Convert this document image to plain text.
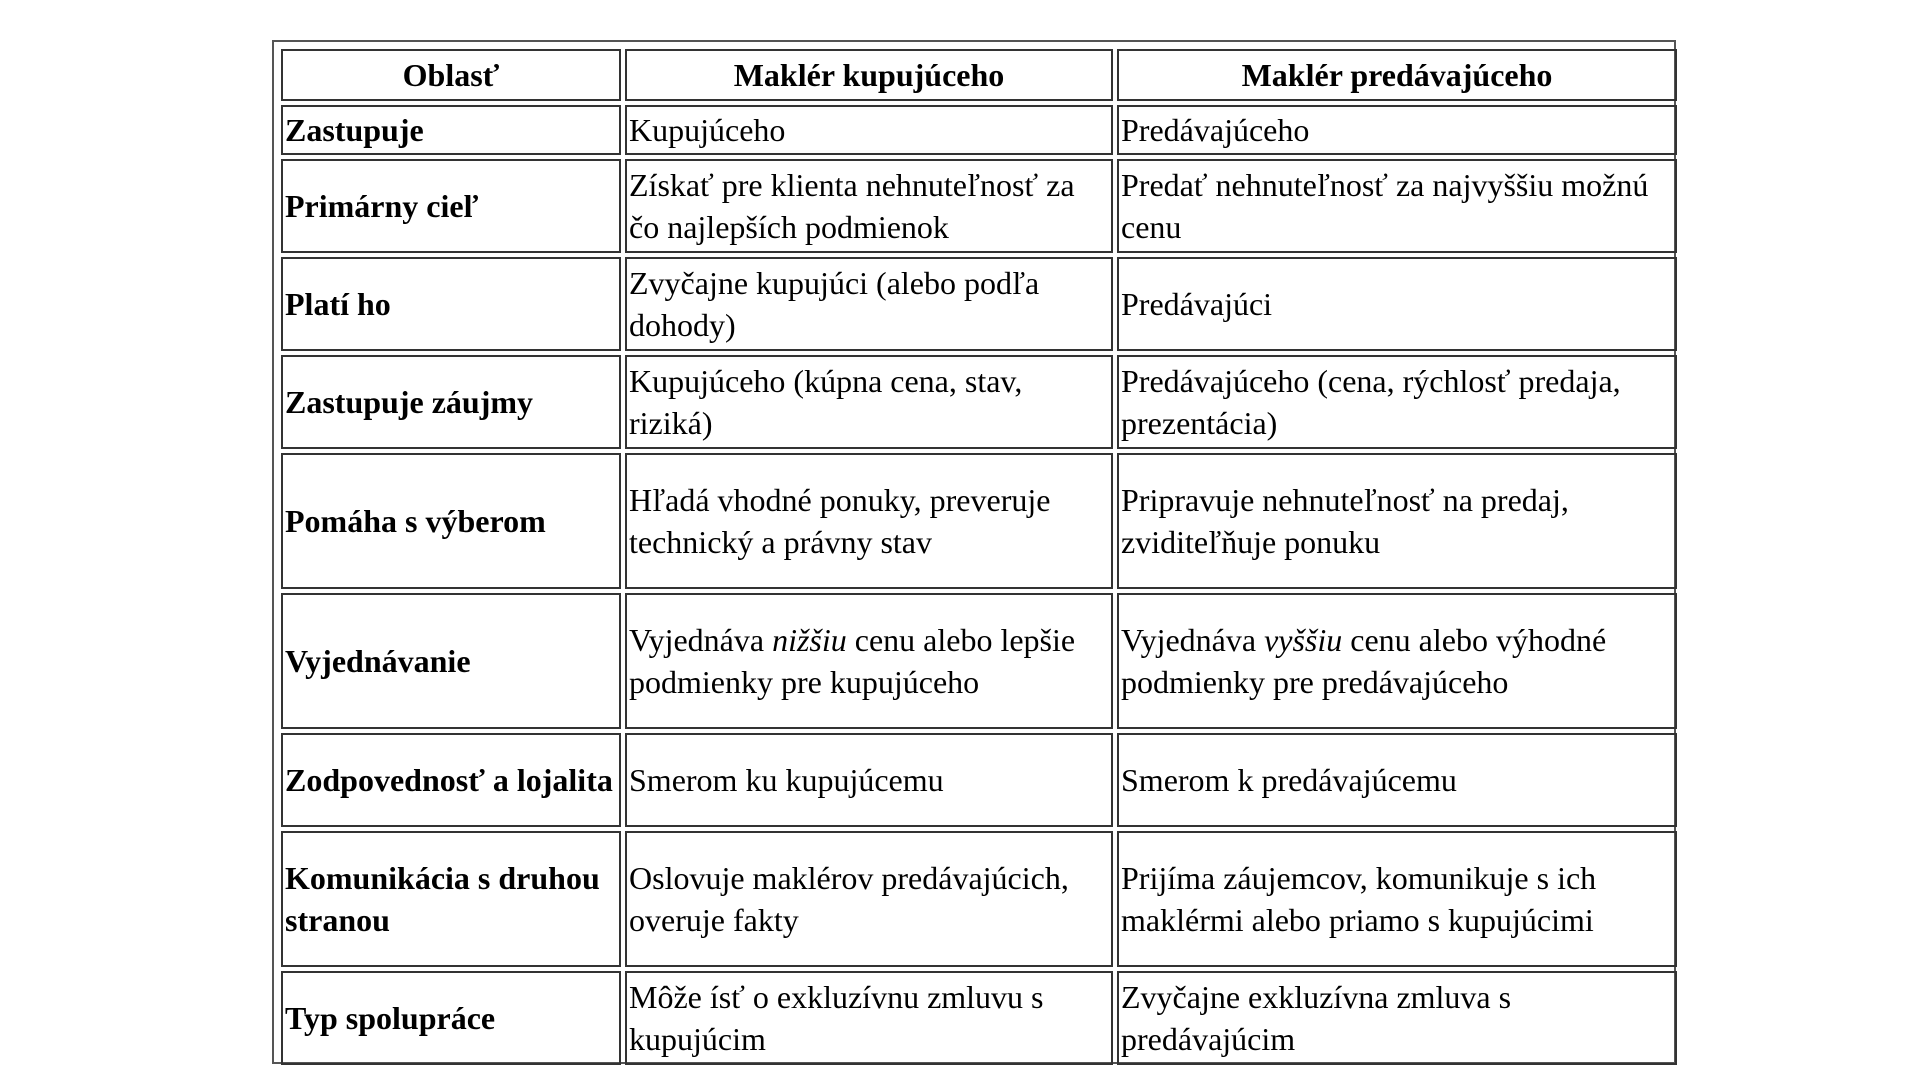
Oblasť	Maklér kupujúceho	Maklér predávajúceho
Zastupuje	Kupujúceho	Predávajúceho
Primárny cieľ	Získať pre klienta nehnuteľnosť za čo najlepších podmienok	Predať nehnuteľnosť za najvyššiu možnú cenu
Platí ho	Zvyčajne kupujúci (alebo podľa dohody)	Predávajúci
Zastupuje záujmy	Kupujúceho (kúpna cena, stav, riziká)	Predávajúceho (cena, rýchlosť predaja, prezentácia)
Pomáha s výberom	Hľadá vhodné ponuky, preveruje technický a právny stav	Pripravuje nehnuteľnosť na predaj, zviditeľňuje ponuku
Vyjednávanie	Vyjednáva nižšiu cenu alebo lepšie podmienky pre kupujúceho	Vyjednáva vyššiu cenu alebo výhodné podmienky pre predávajúceho
Zodpovednosť a lojalita	Smerom ku kupujúcemu	Smerom k predávajúcemu
Komunikácia s druhou stranou	Oslovuje maklérov predávajúcich, overuje fakty	Prijíma záujemcov, komunikuje s ich maklérmi alebo priamo s kupujúcimi
Typ spolupráce	Môže ísť o exkluzívnu zmluvu s kupujúcim	Zvyčajne exkluzívna zmluva s predávajúcim
